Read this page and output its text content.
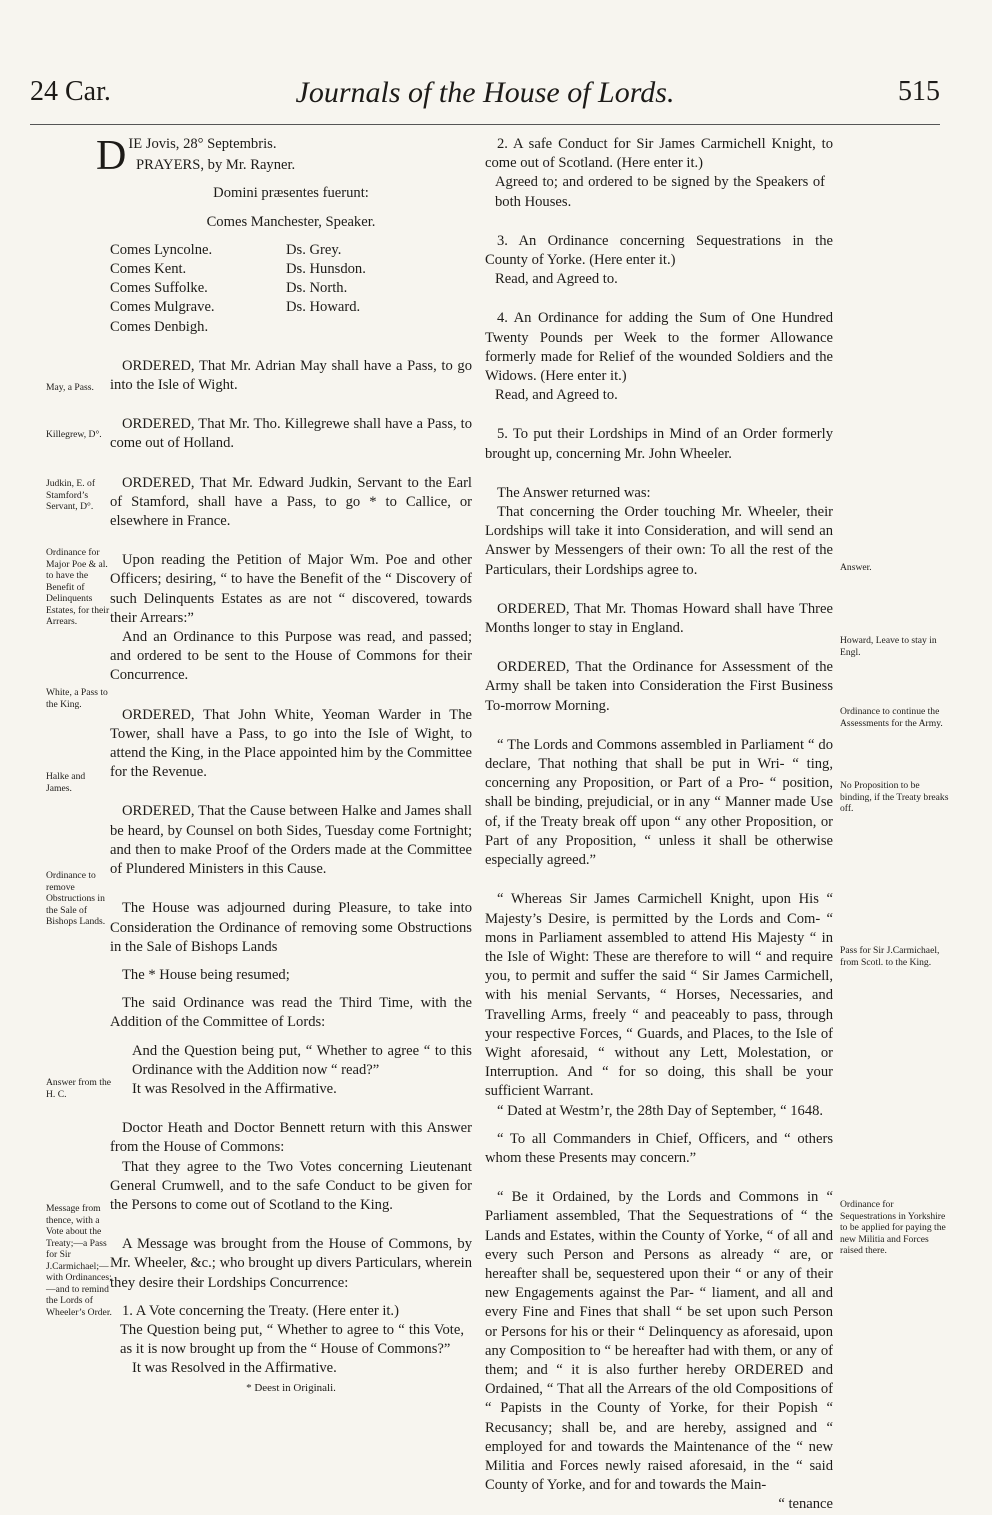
24 Car.	Journals of the House of Lords.	515
May, a Pass.
Killegrew, D°.
Judkin, E. of Stamford’s Servant, D°.
Ordinance for Major Poe & al. to have the Benefit of Delinquents Estates, for their Arrears.
White, a Pass to the King.
Halke and James.
Ordinance to remove Obstructions in the Sale of Bishops Lands.
Answer from the H. C.
Message from thence, with a Vote about the Treaty;—a Pass for Sir J.Carmichael;—with Ordinances;—and to remind the Lords of Wheeler’s Order.

DIE Jovis, 28° Septembris.

PRAYERS, by Mr. Rayner.

Domini præsentes fuerunt:

Comes Manchester, Speaker.

Comes Lyncolne.
Comes Kent.
Comes Suffolke.
Comes Mulgrave.
Comes Denbigh.
Ds. Grey.
Ds. Hunsdon.
Ds. North.
Ds. Howard.

ORDERED, That Mr. Adrian May shall have a Pass, to go into the Isle of Wight.

ORDERED, That Mr. Tho. Killegrewe shall have a Pass, to come out of Holland.

ORDERED, That Mr. Edward Judkin, Servant to the Earl of Stamford, shall have a Pass, to go * to Callice, or elsewhere in France.

Upon reading the Petition of Major Wm. Poe and other Officers; desiring, “ to have the Benefit of the “ Discovery of such Delinquents Estates as are not “ discovered, towards their Arrears:”

And an Ordinance to this Purpose was read, and passed; and ordered to be sent to the House of Commons for their Concurrence.

ORDERED, That John White, Yeoman Warder in The Tower, shall have a Pass, to go into the Isle of Wight, to attend the King, in the Place appointed him by the Committee for the Revenue.

ORDERED, That the Cause between Halke and James shall be heard, by Counsel on both Sides, Tuesday come Fortnight; and then to make Proof of the Orders made at the Committee of Plundered Ministers in this Cause.

The House was adjourned during Pleasure, to take into Consideration the Ordinance of removing some Obstructions in the Sale of Bishops Lands

The * House being resumed;

The said Ordinance was read the Third Time, with the Addition of the Committee of Lords:

And the Question being put, “ Whether to agree “ to this Ordinance with the Addition now “ read?”

It was Resolved in the Affirmative.

Doctor Heath and Doctor Bennett return with this Answer from the House of Commons:

That they agree to the Two Votes concerning Lieutenant General Crumwell, and to the safe Conduct to be given for the Persons to come out of Scotland to the King.

A Message was brought from the House of Commons, by Mr. Wheeler, &c.; who brought up divers Particulars, wherein they desire their Lordships Concurrence:

1. A Vote concerning the Treaty. (Here enter it.)

The Question being put, “ Whether to agree to “ this Vote, as it is now brought up from the “ House of Commons?”

It was Resolved in the Affirmative.

* Deest in Originali.

2. A safe Conduct for Sir James Carmichell Knight, to come out of Scotland. (Here enter it.)

Agreed to; and ordered to be signed by the Speakers of both Houses.

3. An Ordinance concerning Sequestrations in the County of Yorke. (Here enter it.)

Read, and Agreed to.

4. An Ordinance for adding the Sum of One Hundred Twenty Pounds per Week to the former Allowance formerly made for Relief of the wounded Soldiers and the Widows. (Here enter it.)

Read, and Agreed to.

5. To put their Lordships in Mind of an Order formerly brought up, concerning Mr. John Wheeler.

The Answer returned was:

That concerning the Order touching Mr. Wheeler, their Lordships will take it into Consideration, and will send an Answer by Messengers of their own: To all the rest of the Particulars, their Lordships agree to.

ORDERED, That Mr. Thomas Howard shall have Three Months longer to stay in England.

ORDERED, That the Ordinance for Assessment of the Army shall be taken into Consideration the First Business To-morrow Morning.

“ The Lords and Commons assembled in Parliament “ do declare, That nothing that shall be put in Wri- “ ting, concerning any Proposition, or Part of a Pro- “ position, shall be binding, prejudicial, or in any “ Manner made Use of, if the Treaty break off upon “ any other Proposition, or Part of any Proposition, “ unless it shall be otherwise especially agreed.”

“ Whereas Sir James Carmichell Knight, upon His “ Majesty’s Desire, is permitted by the Lords and Com- “ mons in Parliament assembled to attend His Majesty “ in the Isle of Wight: These are therefore to will “ and require you, to permit and suffer the said “ Sir James Carmichell, with his menial Servants, “ Horses, Necessaries, and Travelling Arms, freely “ and peaceably to pass, through your respective Forces, “ Guards, and Places, to the Isle of Wight aforesaid, “ without any Lett, Molestation, or Interruption. And “ for so doing, this shall be your sufficient Warrant.

“ Dated at Westm’r, the 28th Day of September, “ 1648.

“ To all Commanders in Chief, Officers, and “ others whom these Presents may concern.”

“ Be it Ordained, by the Lords and Commons in “ Parliament assembled, That the Sequestrations of “ the Lands and Estates, within the County of Yorke, “ of all and every such Person and Persons as already “ are, or hereafter shall be, sequestered upon their “ or any of their new Engagements against the Par- “ liament, and all and every Fine and Fines that shall “ be set upon such Person or Persons for his or their “ Delinquency as aforesaid, upon any Composition to “ be hereafter had with them, or any of them; and “ it is also further hereby ORDERED and Ordained, “ That all the Arrears of the old Compositions of “ Papists in the County of Yorke, for their Popish “ Recusancy; shall be, and are hereby, assigned and “ employed for and towards the Maintenance of the “ new Militia and Forces newly raised aforesaid, in the “ said County of Yorke, and for and towards the Main-

“ tenance

Answer.
Howard, Leave to stay in Engl.
Ordinance to continue the Assessments for the Army.
No Proposition to be binding, if the Treaty breaks off.
Pass for Sir J.Carmichael, from Scotl. to the King.
Ordinance for Sequestrations in Yorkshire to be applied for paying the new Militia and Forces raised there.
